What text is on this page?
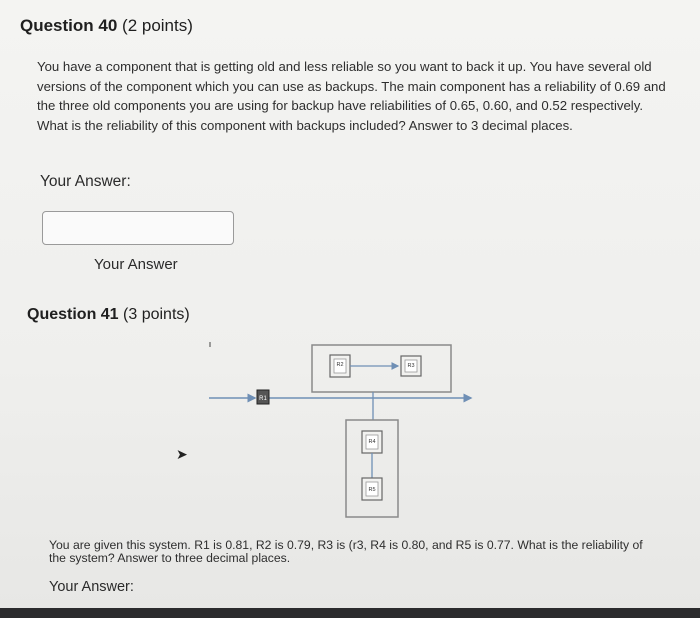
Question 40 (2 points)
You have a component that is getting old and less reliable so you want to back it up. You have several old versions of the component which you can use as backups. The main component has a reliability of 0.69 and the three old components you are using for backup have reliabilities of 0.65, 0.60, and 0.52 respectively. What is the reliability of this component with backups included? Answer to 3 decimal places.
Your Answer:
Your Answer
Question 41 (3 points)
R1
R2	R3
R4
R5
➤
You are given this system. R1 is 0.81, R2 is 0.79, R3 is (r3, R4 is 0.80, and R5 is 0.77. What is the reliability of the system? Answer to three decimal places.
Your Answer:
